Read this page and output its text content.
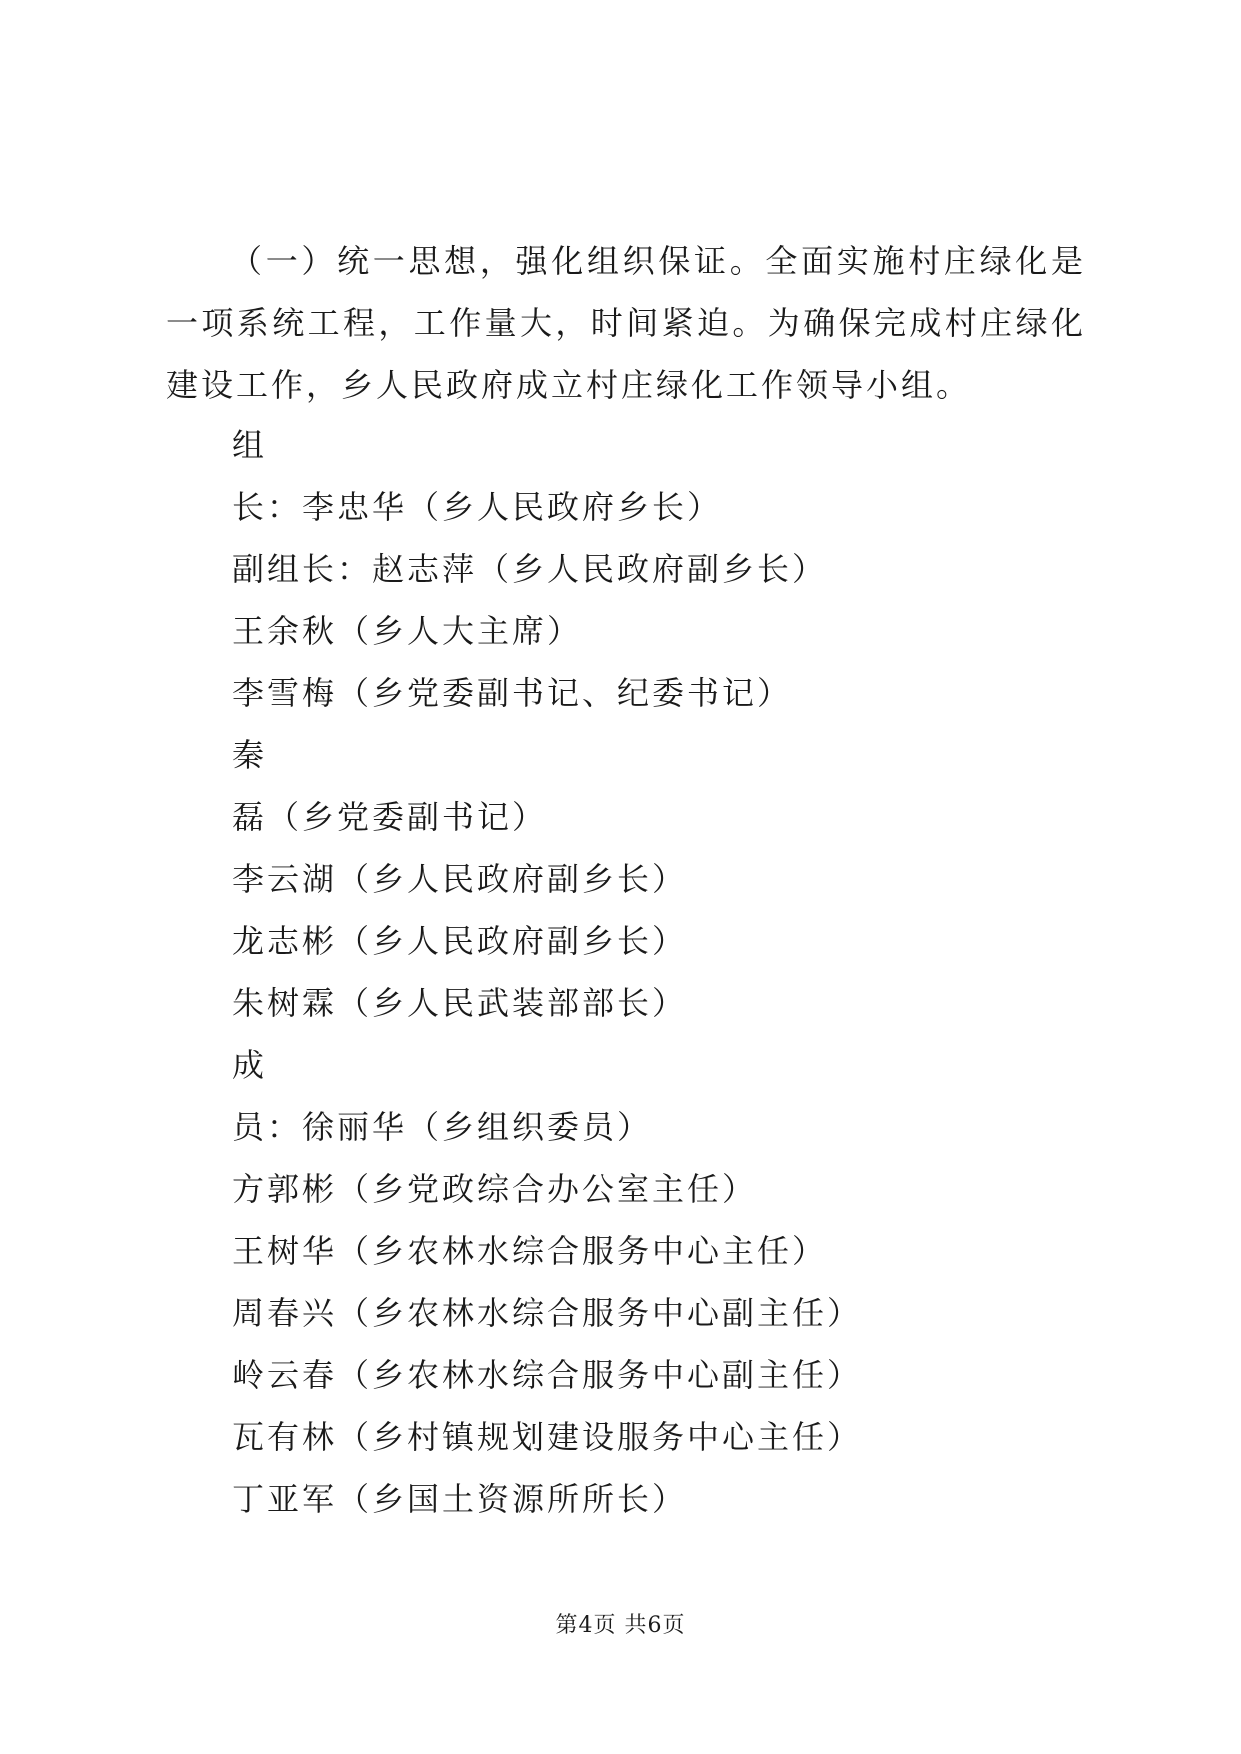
（一）统一思想，强化组织保证。全面实施村庄绿化是一项系统工程，工作量大，时间紧迫。为确保完成村庄绿化建设工作，乡人民政府成立村庄绿化工作领导小组。

组
长：李忠华（乡人民政府乡长）
副组长：赵志萍（乡人民政府副乡长）
王余秋（乡人大主席）
李雪梅（乡党委副书记、纪委书记）
秦
磊（乡党委副书记）
李云湖（乡人民政府副乡长）
龙志彬（乡人民政府副乡长）
朱树霖（乡人民武装部部长）
成
员：徐丽华（乡组织委员）
方郭彬（乡党政综合办公室主任）
王树华（乡农林水综合服务中心主任）
周春兴（乡农林水综合服务中心副主任）
岭云春（乡农林水综合服务中心副主任）
瓦有林（乡村镇规划建设服务中心主任）
丁亚军（乡国土资源所所长）
第4页 共6页
